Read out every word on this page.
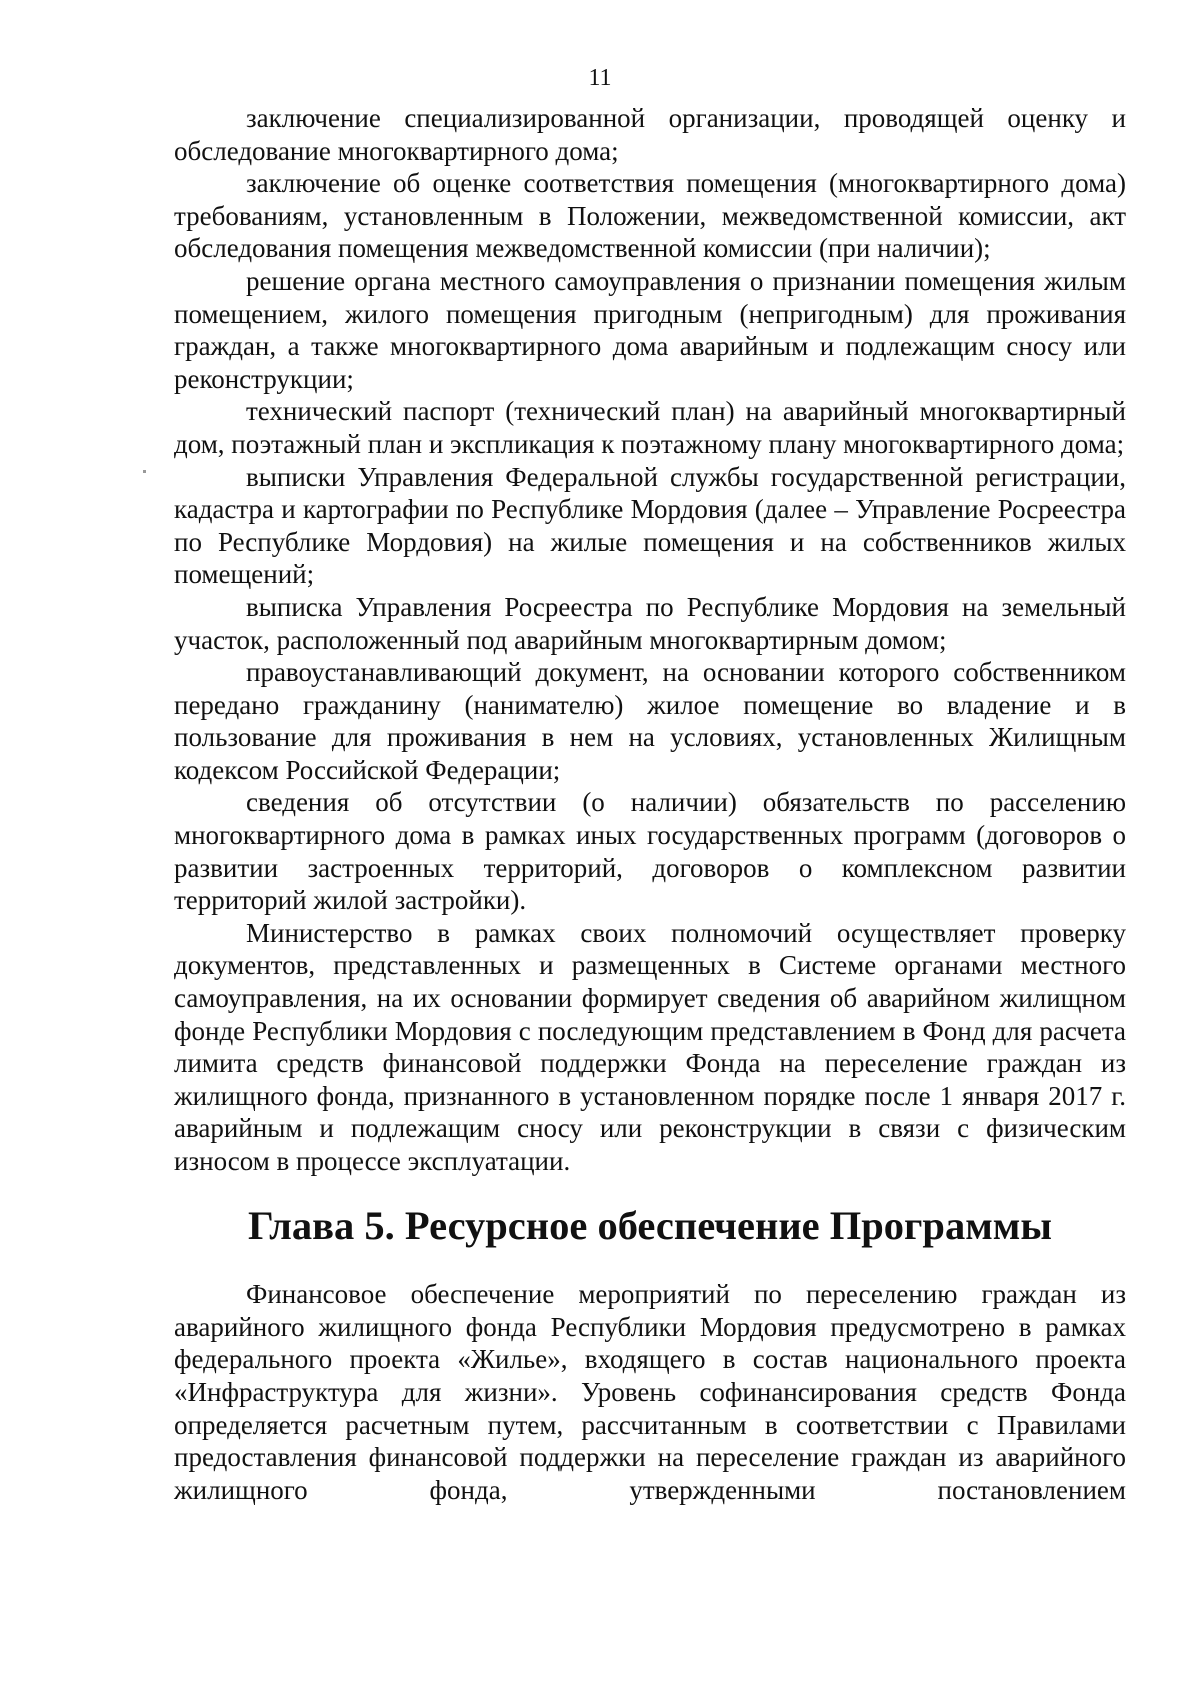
11

заключение специализированной организации, проводящей оценку и обследование многоквартирного дома;

заключение об оценке соответствия помещения (многоквартирного дома) требованиям, установленным в Положении, межведомственной комиссии, акт обследования помещения межведомственной комиссии (при наличии);

решение органа местного самоуправления о признании помещения жилым помещением, жилого помещения пригодным (непригодным) для проживания граждан, а также многоквартирного дома аварийным и подлежащим сносу или реконструкции;

технический паспорт (технический план) на аварийный многоквартирный дом, поэтажный план и экспликация к поэтажному плану многоквартирного дома;

выписки Управления Федеральной службы государственной регистрации, кадастра и картографии по Республике Мордовия (далее – Управление Росреестра по Республике Мордовия) на жилые помещения и на собственников жилых помещений;

выписка Управления Росреестра по Республике Мордовия на земельный участок, расположенный под аварийным многоквартирным домом;

правоустанавливающий документ, на основании которого собственником передано гражданину (нанимателю) жилое помещение во владение и в пользование для проживания в нем на условиях, установленных Жилищным кодексом Российской Федерации;

сведения об отсутствии (о наличии) обязательств по расселению многоквартирного дома в рамках иных государственных программ (договоров о развитии застроенных территорий, договоров о комплексном развитии территорий жилой застройки).

Министерство в рамках своих полномочий осуществляет проверку документов, представленных и размещенных в Системе органами местного самоуправления, на их основании формирует сведения об аварийном жилищном фонде Республики Мордовия с последующим представлением в Фонд для расчета лимита средств финансовой поддержки Фонда на переселение граждан из жилищного фонда, признанного в установленном порядке после 1 января 2017 г. аварийным и подлежащим сносу или реконструкции в связи с физическим износом в процессе эксплуатации.

Глава 5. Ресурсное обеспечение Программы

Финансовое обеспечение мероприятий по переселению граждан из аварийного жилищного фонда Республики Мордовия предусмотрено в рамках федерального проекта «Жилье», входящего в состав национального проекта «Инфраструктура для жизни». Уровень софинансирования средств Фонда определяется расчетным путем, рассчитанным в соответствии с Правилами предоставления финансовой поддержки на переселение граждан из аварийного жилищного фонда, утвержденными постановлением
